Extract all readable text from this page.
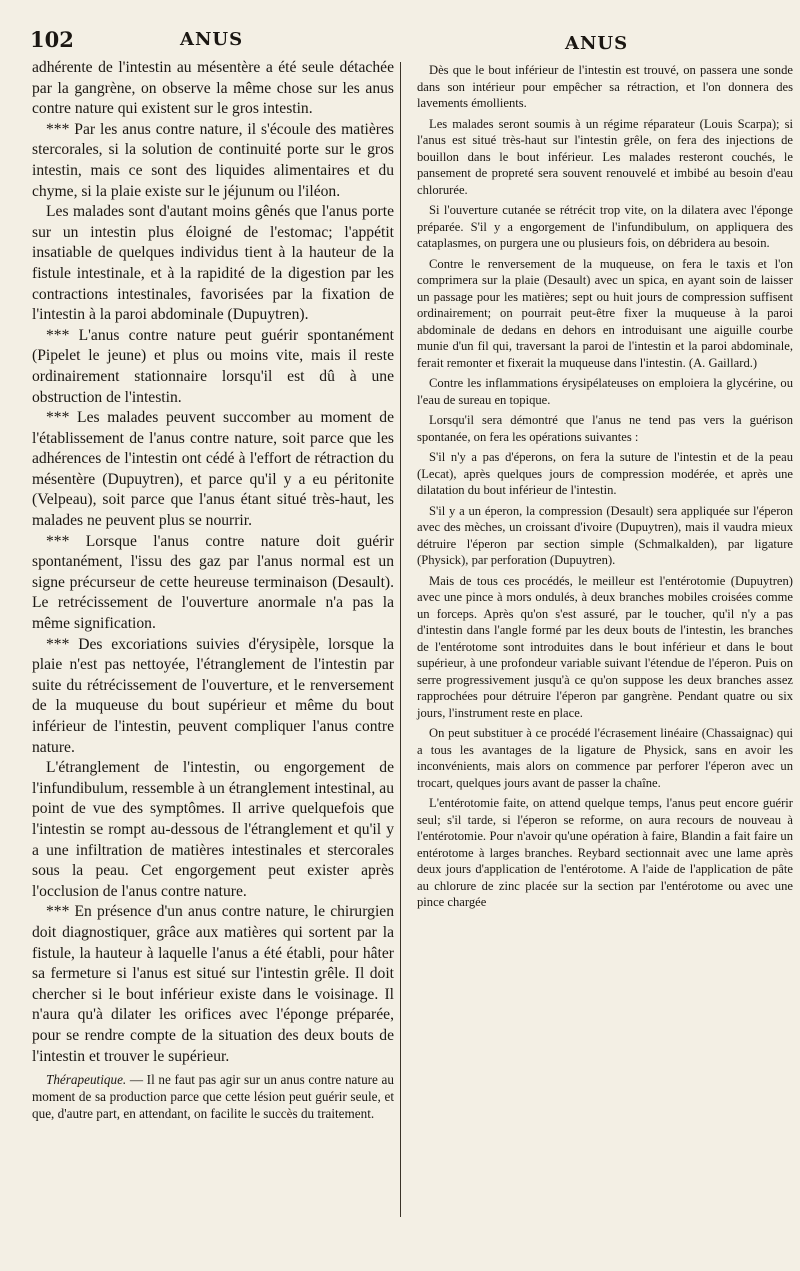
102	ANUS	ANUS

adhérente de l'intestin au mésentère a été seule détachée par la gangrène, on observe la même chose sur les anus contre nature qui existent sur le gros intestin.

*** Par les anus contre nature, il s'écoule des matières stercorales, si la solution de continuité porte sur le gros intestin, mais ce sont des liquides alimentaires et du chyme, si la plaie existe sur le jéjunum ou l'iléon.

Les malades sont d'autant moins gênés que l'anus porte sur un intestin plus éloigné de l'estomac; l'appétit insatiable de quelques individus tient à la hauteur de la fistule intestinale, et à la rapidité de la digestion par les contractions intestinales, favorisées par la fixation de l'intestin à la paroi abdominale (Dupuytren).

*** L'anus contre nature peut guérir spontanément (Pipelet le jeune) et plus ou moins vite, mais il reste ordinairement stationnaire lorsqu'il est dû à une obstruction de l'intestin.

*** Les malades peuvent succomber au moment de l'établissement de l'anus contre nature, soit parce que les adhérences de l'intestin ont cédé à l'effort de rétraction du mésentère (Dupuytren), et parce qu'il y a eu péritonite (Velpeau), soit parce que l'anus étant situé très-haut, les malades ne peuvent plus se nourrir.

*** Lorsque l'anus contre nature doit guérir spontanément, l'issu des gaz par l'anus normal est un signe précurseur de cette heureuse terminaison (Desault). Le retrécissement de l'ouverture anormale n'a pas la même signification.

*** Des excoriations suivies d'érysipèle, lorsque la plaie n'est pas nettoyée, l'étranglement de l'intestin par suite du rétrécissement de l'ouverture, et le renversement de la muqueuse du bout supérieur et même du bout inférieur de l'intestin, peuvent compliquer l'anus contre nature.

L'étranglement de l'intestin, ou engorgement de l'infundibulum, ressemble à un étranglement intestinal, au point de vue des symptômes. Il arrive quelquefois que l'intestin se rompt au-dessous de l'étranglement et qu'il y a une infiltration de matières intestinales et stercorales sous la peau. Cet engorgement peut exister après l'occlusion de l'anus contre nature.

*** En présence d'un anus contre nature, le chirurgien doit diagnostiquer, grâce aux matières qui sortent par la fistule, la hauteur à laquelle l'anus a été établi, pour hâter sa fermeture si l'anus est situé sur l'intestin grêle. Il doit chercher si le bout inférieur existe dans le voisinage. Il n'aura qu'à dilater les orifices avec l'éponge préparée, pour se rendre compte de la situation des deux bouts de l'intestin et trouver le supérieur.

Thérapeutique. — Il ne faut pas agir sur un anus contre nature au moment de sa production parce que cette lésion peut guérir seule, et que, d'autre part, en attendant, on facilite le succès du traitement.

Dès que le bout inférieur de l'intestin est trouvé, on passera une sonde dans son intérieur pour empêcher sa rétraction, et l'on donnera des lavements émollients.

Les malades seront soumis à un régime réparateur (Louis Scarpa); si l'anus est situé très-haut sur l'intestin grêle, on fera des injections de bouillon dans le bout inférieur. Les malades resteront couchés, le pansement de propreté sera souvent renouvelé et imbibé au besoin d'eau chlorurée.

Si l'ouverture cutanée se rétrécit trop vite, on la dilatera avec l'éponge préparée. S'il y a engorgement de l'infundibulum, on appliquera des cataplasmes, on purgera une ou plusieurs fois, on débridera au besoin.

Contre le renversement de la muqueuse, on fera le taxis et l'on comprimera sur la plaie (Desault) avec un spica, en ayant soin de laisser un passage pour les matières; sept ou huit jours de compression suffisent ordinairement; on pourrait peut-être fixer la muqueuse à la paroi abdominale de dedans en dehors en introduisant une aiguille courbe munie d'un fil qui, traversant la paroi de l'intestin et la paroi abdominale, ferait remonter et fixerait la muqueuse dans l'intestin. (A. Gaillard.)

Contre les inflammations érysipélateuses on emploiera la glycérine, ou l'eau de sureau en topique.

Lorsqu'il sera démontré que l'anus ne tend pas vers la guérison spontanée, on fera les opérations suivantes :

S'il n'y a pas d'éperons, on fera la suture de l'intestin et de la peau (Lecat), après quelques jours de compression modérée, et après une dilatation du bout inférieur de l'intestin.

S'il y a un éperon, la compression (Desault) sera appliquée sur l'éperon avec des mèches, un croissant d'ivoire (Dupuytren), mais il vaudra mieux détruire l'éperon par section simple (Schmalkalden), par ligature (Physick), par perforation (Dupuytren).

Mais de tous ces procédés, le meilleur est l'entérotomie (Dupuytren) avec une pince à mors ondulés, à deux branches mobiles croisées comme un forceps. Après qu'on s'est assuré, par le toucher, qu'il n'y a pas d'intestin dans l'angle formé par les deux bouts de l'intestin, les branches de l'entérotome sont introduites dans le bout inférieur et dans le bout supérieur, à une profondeur variable suivant l'étendue de l'éperon. Puis on serre progressivement jusqu'à ce qu'on suppose les deux branches assez rapprochées pour détruire l'éperon par gangrène. Pendant quatre ou six jours, l'instrument reste en place.

On peut substituer à ce procédé l'écrasement linéaire (Chassaignac) qui a tous les avantages de la ligature de Physick, sans en avoir les inconvénients, mais alors on commence par perforer l'éperon avec un trocart, quelques jours avant de passer la chaîne.

L'entérotomie faite, on attend quelque temps, l'anus peut encore guérir seul; s'il tarde, si l'éperon se reforme, on aura recours de nouveau à l'entérotomie. Pour n'avoir qu'une opération à faire, Blandin a fait faire un entérotome à larges branches. Reybard sectionnait avec une lame après deux jours d'application de l'entérotome. A l'aide de l'application de pâte au chlorure de zinc placée sur la section par l'entérotome ou avec une pince chargée
